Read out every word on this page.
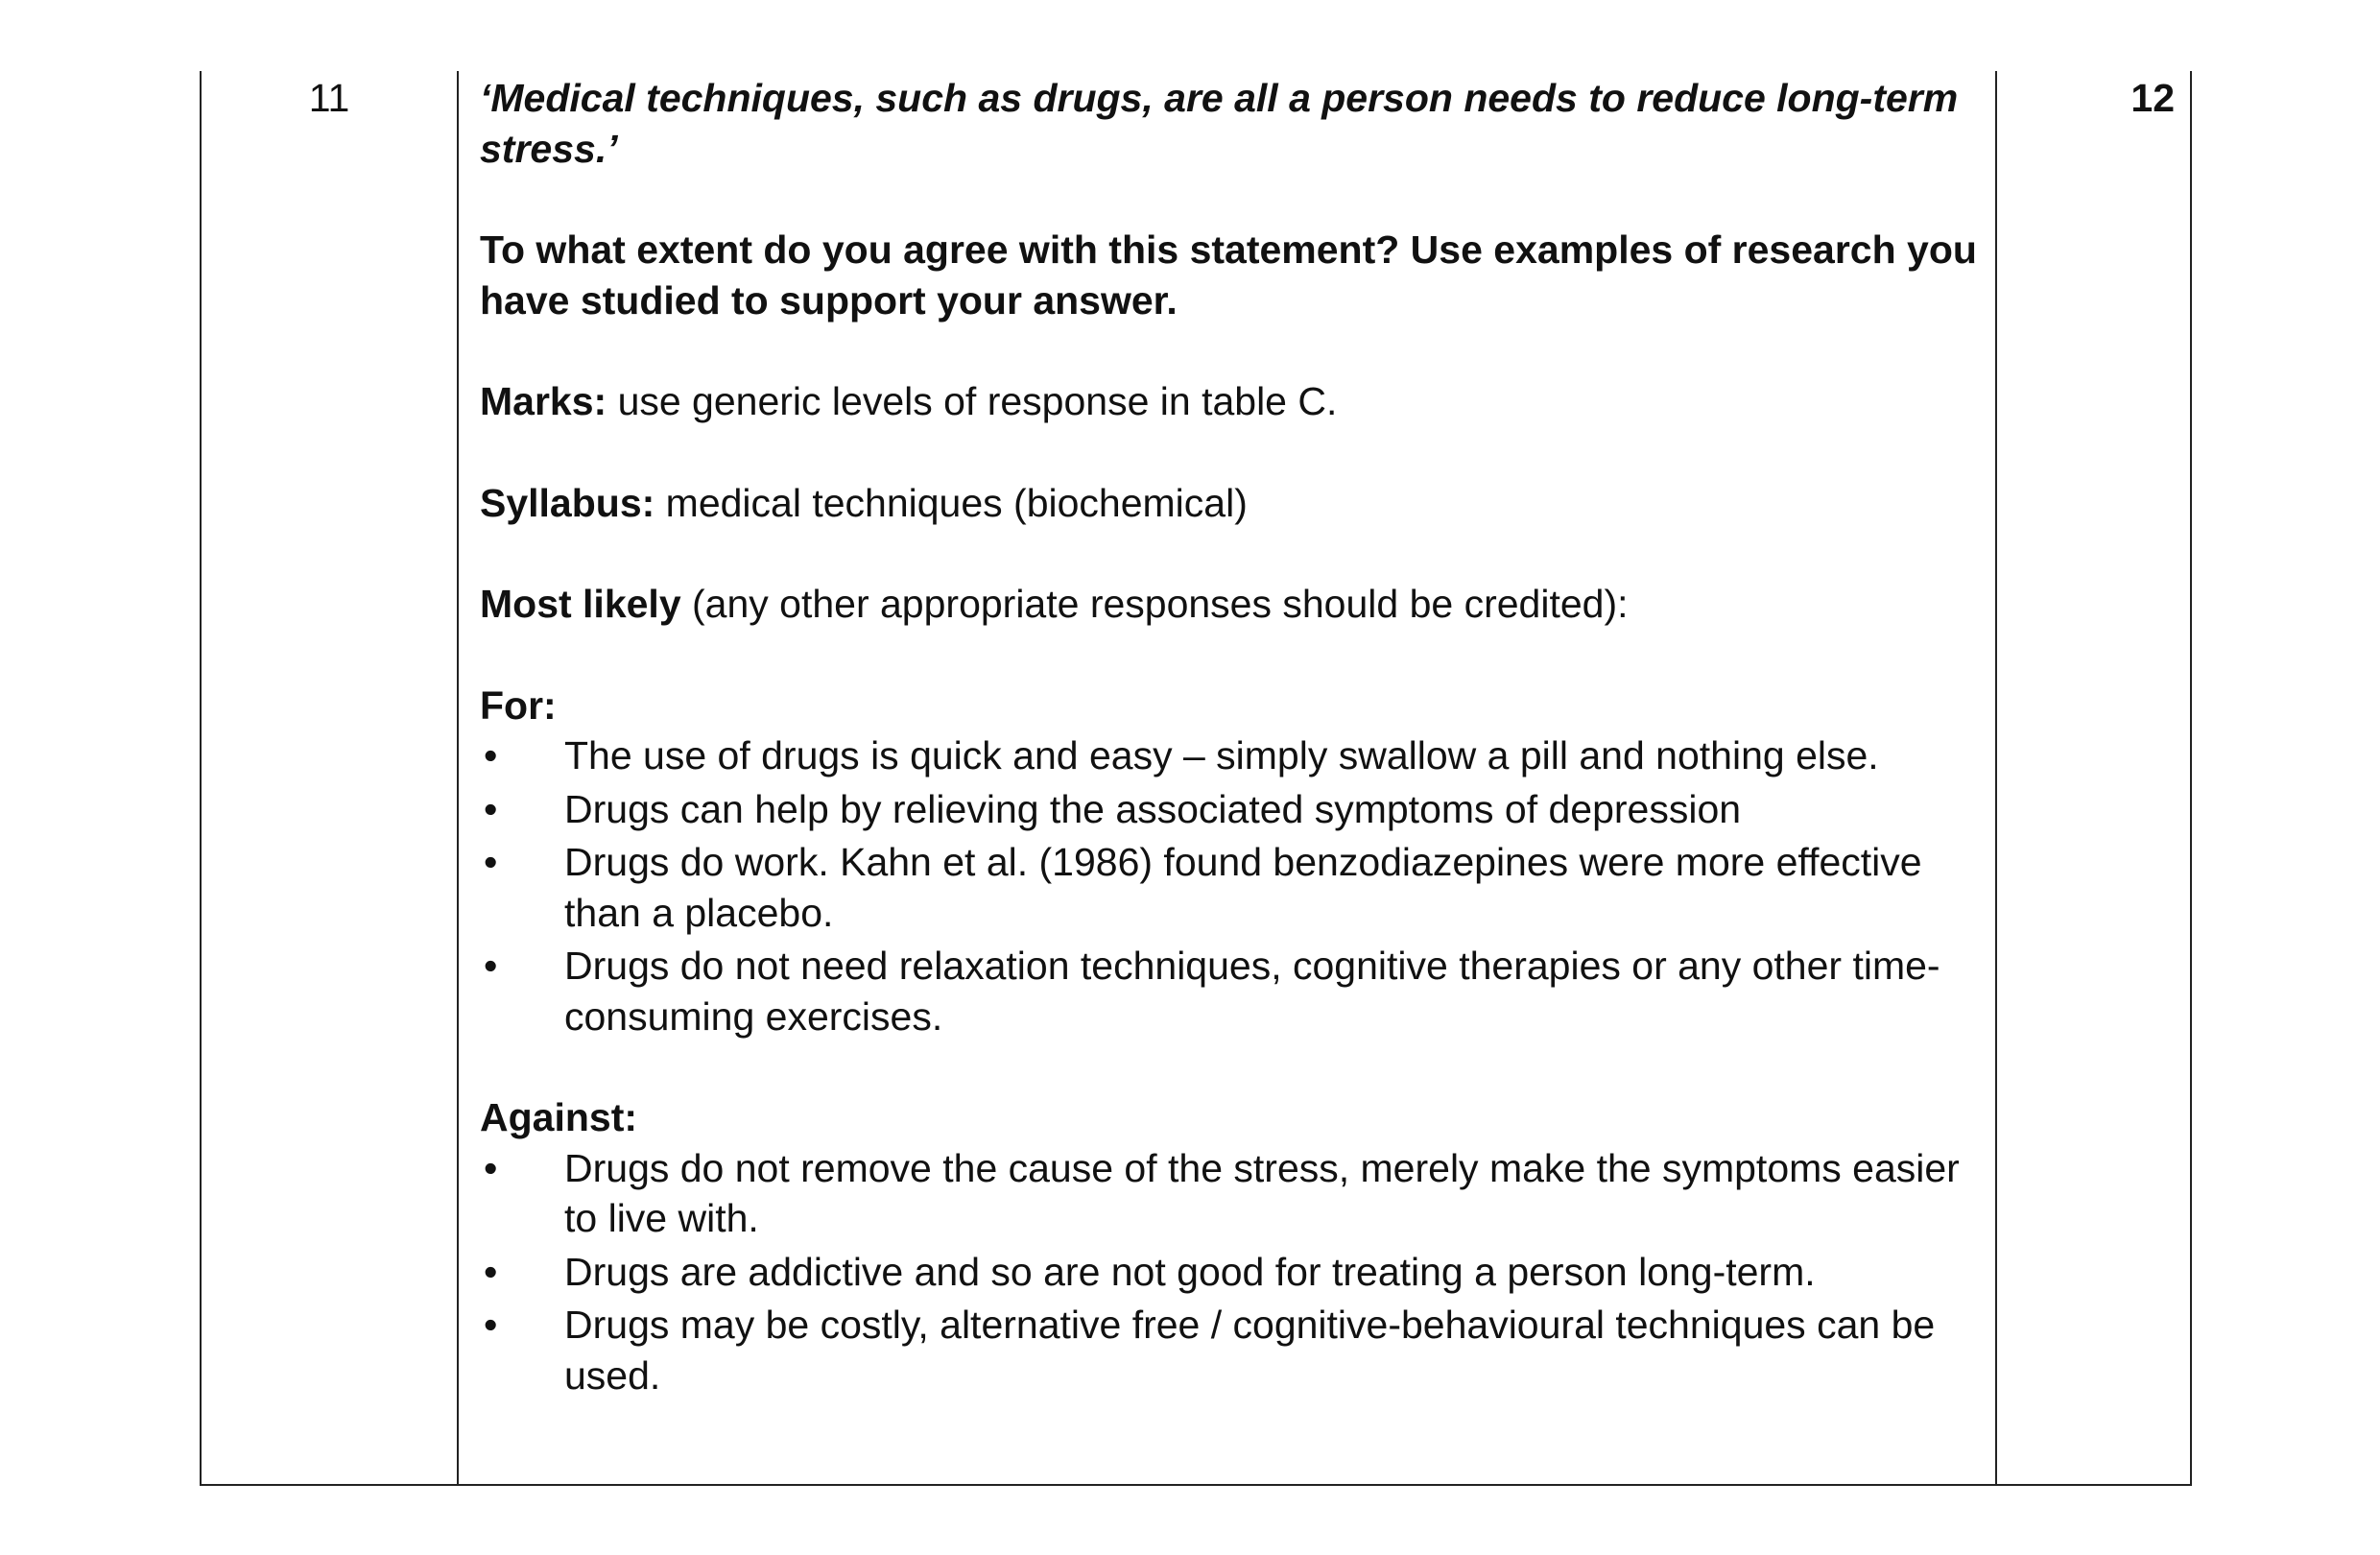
11	‘Medical techniques, such as drugs, are all a person needs to reduce long-term stress.’

To what extent do you agree with this statement? Use examples of research you have studied to support your answer.

Marks: use generic levels of response in table C.

Syllabus: medical techniques (biochemical)

Most likely (any other appropriate responses should be credited):

For:
• The use of drugs is quick and easy – simply swallow a pill and nothing else.
• Drugs can help by relieving the associated symptoms of depression
• Drugs do work. Kahn et al. (1986) found benzodiazepines were more effective than a placebo.
• Drugs do not need relaxation techniques, cognitive therapies or any other time-consuming exercises.
Against:
• Drugs do not remove the cause of the stress, merely make the symptoms easier to live with.
• Drugs are addictive and so are not good for treating a person long-term.
• Drugs may be costly, alternative free / cognitive-behavioural techniques can be used.
12
